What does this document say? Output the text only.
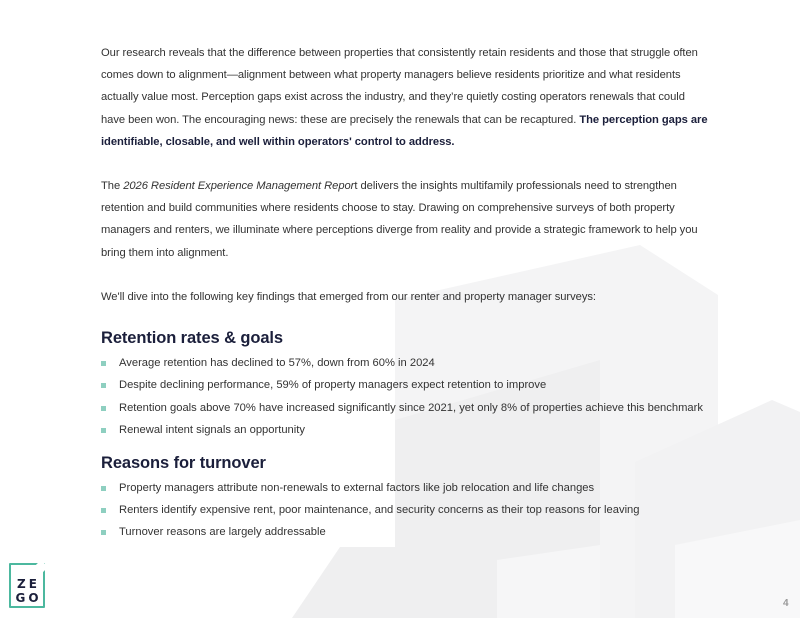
Our research reveals that the difference between properties that consistently retain residents and those that struggle often comes down to alignment—alignment between what property managers believe residents prioritize and what residents actually value most. Perception gaps exist across the industry, and they’re quietly costing operators renewals that could have been won. The encouraging news: these are precisely the renewals that can be recaptured. The perception gaps are identifiable, closable, and well within operators' control to address.

The 2026 Resident Experience Management Report delivers the insights multifamily professionals need to strengthen retention and build communities where residents choose to stay. Drawing on comprehensive surveys of both property managers and renters, we illuminate where perceptions diverge from reality and provide a strategic framework to help you bring them into alignment.

We'll dive into the following key findings that emerged from our renter and property manager surveys:

Retention rates & goals
Average retention has declined to 57%, down from 60% in 2024
Despite declining performance, 59% of property managers expect retention to improve
Retention goals above 70% have increased significantly since 2021, yet only 8% of properties achieve this benchmark
Renewal intent signals an opportunity
Reasons for turnover
Property managers attribute non-renewals to external factors like job relocation and life changes
Renters identify expensive rent, poor maintenance, and security concerns as their top reasons for leaving
Turnover reasons are largely addressable
ZE
GO	4
